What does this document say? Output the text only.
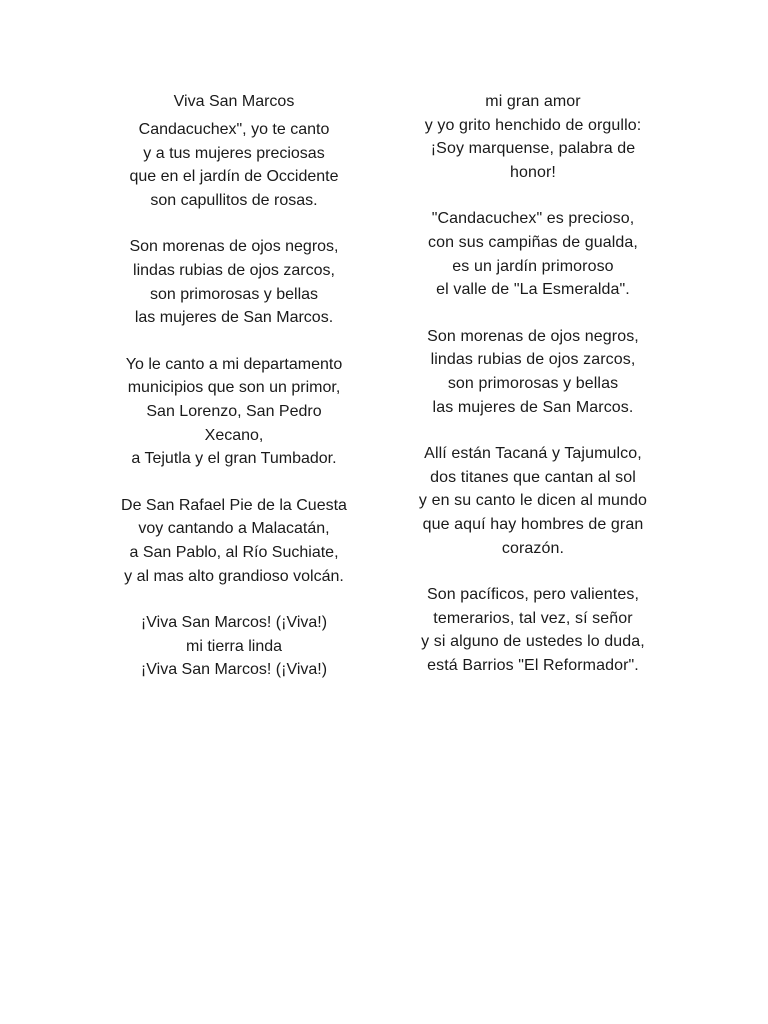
Viva San Marcos
Candacuchex", yo te canto
y a tus mujeres preciosas
que en el jardín de Occidente
son capullitos de rosas.
Son morenas de ojos negros,
lindas rubias de ojos zarcos,
son primorosas y bellas
las mujeres de San Marcos.
Yo le canto a mi departamento
municipios que son un primor,
San Lorenzo, San Pedro
Xecano,
a Tejutla y el gran Tumbador.
De San Rafael Pie de la Cuesta
voy cantando a Malacatán,
a San Pablo, al Río Suchiate,
y al mas alto grandioso volcán.
¡Viva San Marcos! (¡Viva!)
mi tierra linda
¡Viva San Marcos! (¡Viva!)
mi gran amor
y yo grito henchido de orgullo:
¡Soy marquense, palabra de
honor!
"Candacuchex" es precioso,
con sus campiñas de gualda,
es un jardín primoroso
el valle de "La Esmeralda".
Son morenas de ojos negros,
lindas rubias de ojos zarcos,
son primorosas y bellas
las mujeres de San Marcos.
Allí están Tacaná y Tajumulco,
dos titanes que cantan al sol
y en su canto le dicen al mundo
que aquí hay hombres de gran
corazón.
Son pacíficos, pero valientes,
temerarios, tal vez, sí señor
y si alguno de ustedes lo duda,
está Barrios "El Reformador".
